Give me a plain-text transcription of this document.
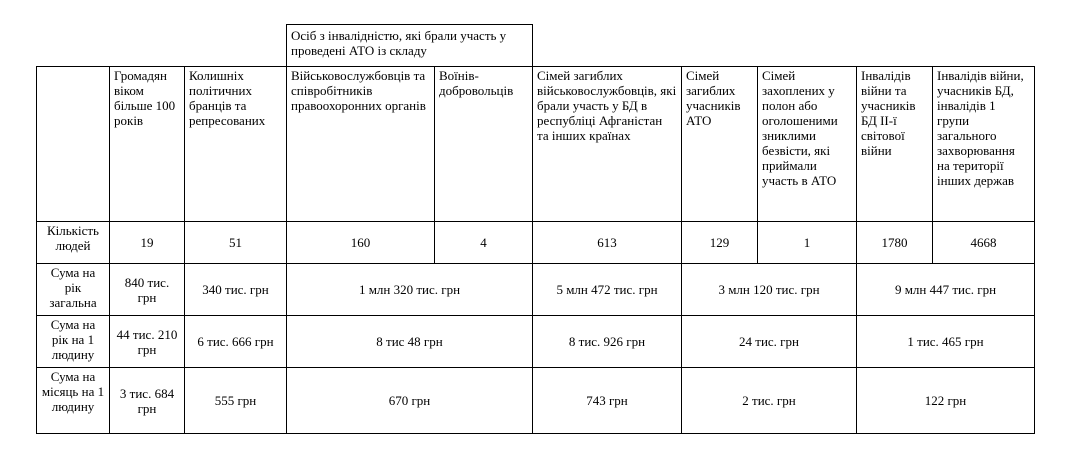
			Осіб з інвалідністю, які брали участь у проведені АТО із складу						
	Громадян віком більше 100 років	Колишніх політичних бранців та репресованих	Військовослужбовців та співробітників правоохоронних органів	Воїнів-добровольців	Сімей загиблих військовослужбовців, які брали участь у БД в республіці Афганістан та інших країнах	Сімей загиблих учасників АТО	Сімей захоплених у полон або оголошеними зниклими безвісти, які приймали участь в АТО	Інвалідів війни та учасників БД ІІ-ї світової війни	Інвалідів війни, учасників БД, інвалідів 1 групи загального захворювання на території інших держав
Кількість людей	19	51	160	4	613	129	1	1780	4668
Сума на рік загальна	840 тис. грн	340 тис. грн	1 млн 320 тис. грн		5 млн 472 тис. грн	3 млн 120 тис. грн		9 млн 447 тис. грн	
Сума на рік на 1 людину	44 тис. 210 грн	6 тис. 666 грн	8 тис 48 грн		8 тис. 926 грн	24 тис. грн		1 тис. 465 грн	
Сума на місяць на 1 людину	3 тис. 684 грн	555 грн	670 грн		743 грн	2 тис. грн		122 грн	
